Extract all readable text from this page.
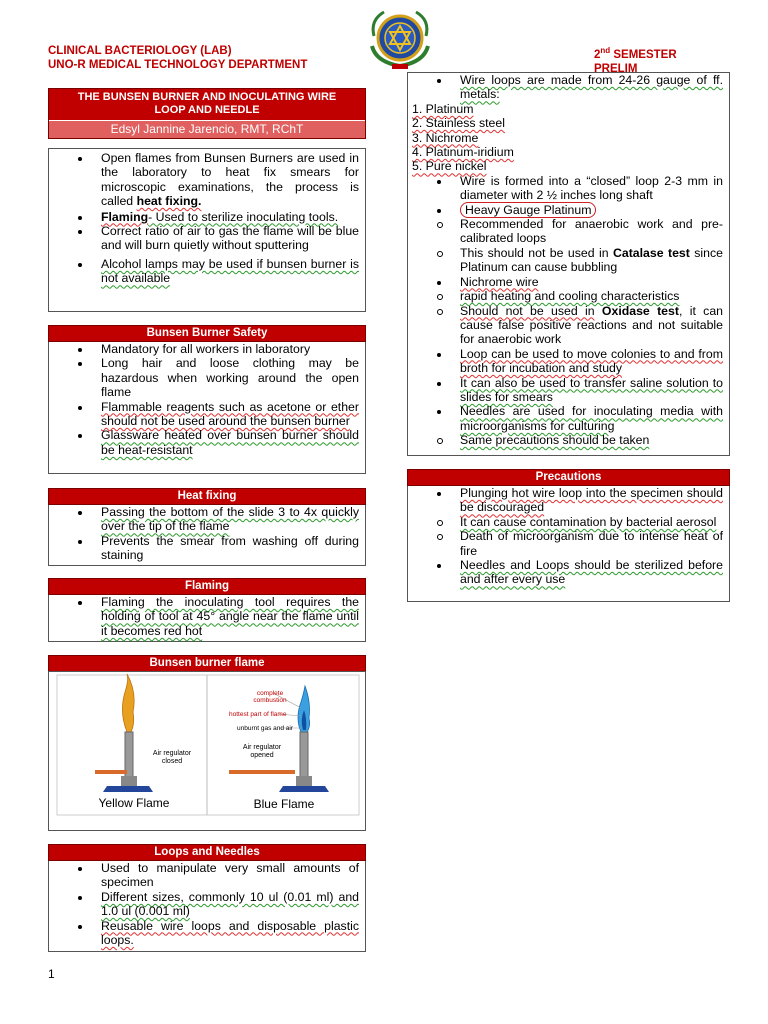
CLINICAL BACTERIOLOGY (LAB)
UNO-R MEDICAL TECHNOLOGY DEPARTMENT
2nd SEMESTER
PRELIM
THE BUNSEN BURNER AND INOCULATING WIRE
LOOP AND NEEDLE
Edsyl Jannine Jarencio, RMT, RChT
Open flames from Bunsen Burners are used in the laboratory to heat fix smears for microscopic examinations, the process is called heat fixing.
Flaming- Used to sterilize inoculating tools.
Correct ratio of air to gas the flame will be blue and will burn quietly without sputtering
Alcohol lamps may be used if bunsen burner is not available
Bunsen Burner Safety
Mandatory for all workers in laboratory
Long hair and loose clothing may be hazardous when working around the open flame
Flammable reagents such as acetone or ether should not be used around the bunsen burner
Glassware heated over bunsen burner should be heat-resistant
Heat fixing
Passing the bottom of the slide 3 to 4x quickly over the tip of the flame
Prevents the smear from washing off during staining
Flaming
Flaming the inoculating tool requires the holding of tool at 45° angle near the flame until it becomes red hot
Bunsen burner flame
Air regulator closed
Air regulator opened
complete combustion
hottest part of flame
unburnt gas and air
Yellow Flame	Blue Flame
Loops and Needles
Used to manipulate very small amounts of specimen
Different sizes, commonly 10 ul (0.01 ml) and 1.0 ul (0.001 ml)
Reusable wire loops and disposable plastic loops.
Wire loops are made from 24-26 gauge of ff. metals:
1. Platinum
2. Stainless steel
3. Nichrome
4. Platinum-iridium
5. Pure nickel
Wire is formed into a “closed” loop 2-3 mm in diameter with 2 ½ inches long shaft
Heavy Gauge Platinum
Recommended for anaerobic work and pre-calibrated loops
This should not be used in Catalase test since Platinum can cause bubbling
Nichrome wire
rapid heating and cooling characteristics
Should not be used in Oxidase test, it can cause false positive reactions and not suitable for anaerobic work
Loop can be used to move colonies to and from broth for incubation and study
It can also be used to transfer saline solution to slides for smears
Needles are used for inoculating media with microorganisms for culturing
Same precautions should be taken
Precautions
Plunging hot wire loop into the specimen should be discouraged
It can cause contamination by bacterial aerosol
Death of microorganism due to intense heat of fire
Needles and Loops should be sterilized before and after every use
1
